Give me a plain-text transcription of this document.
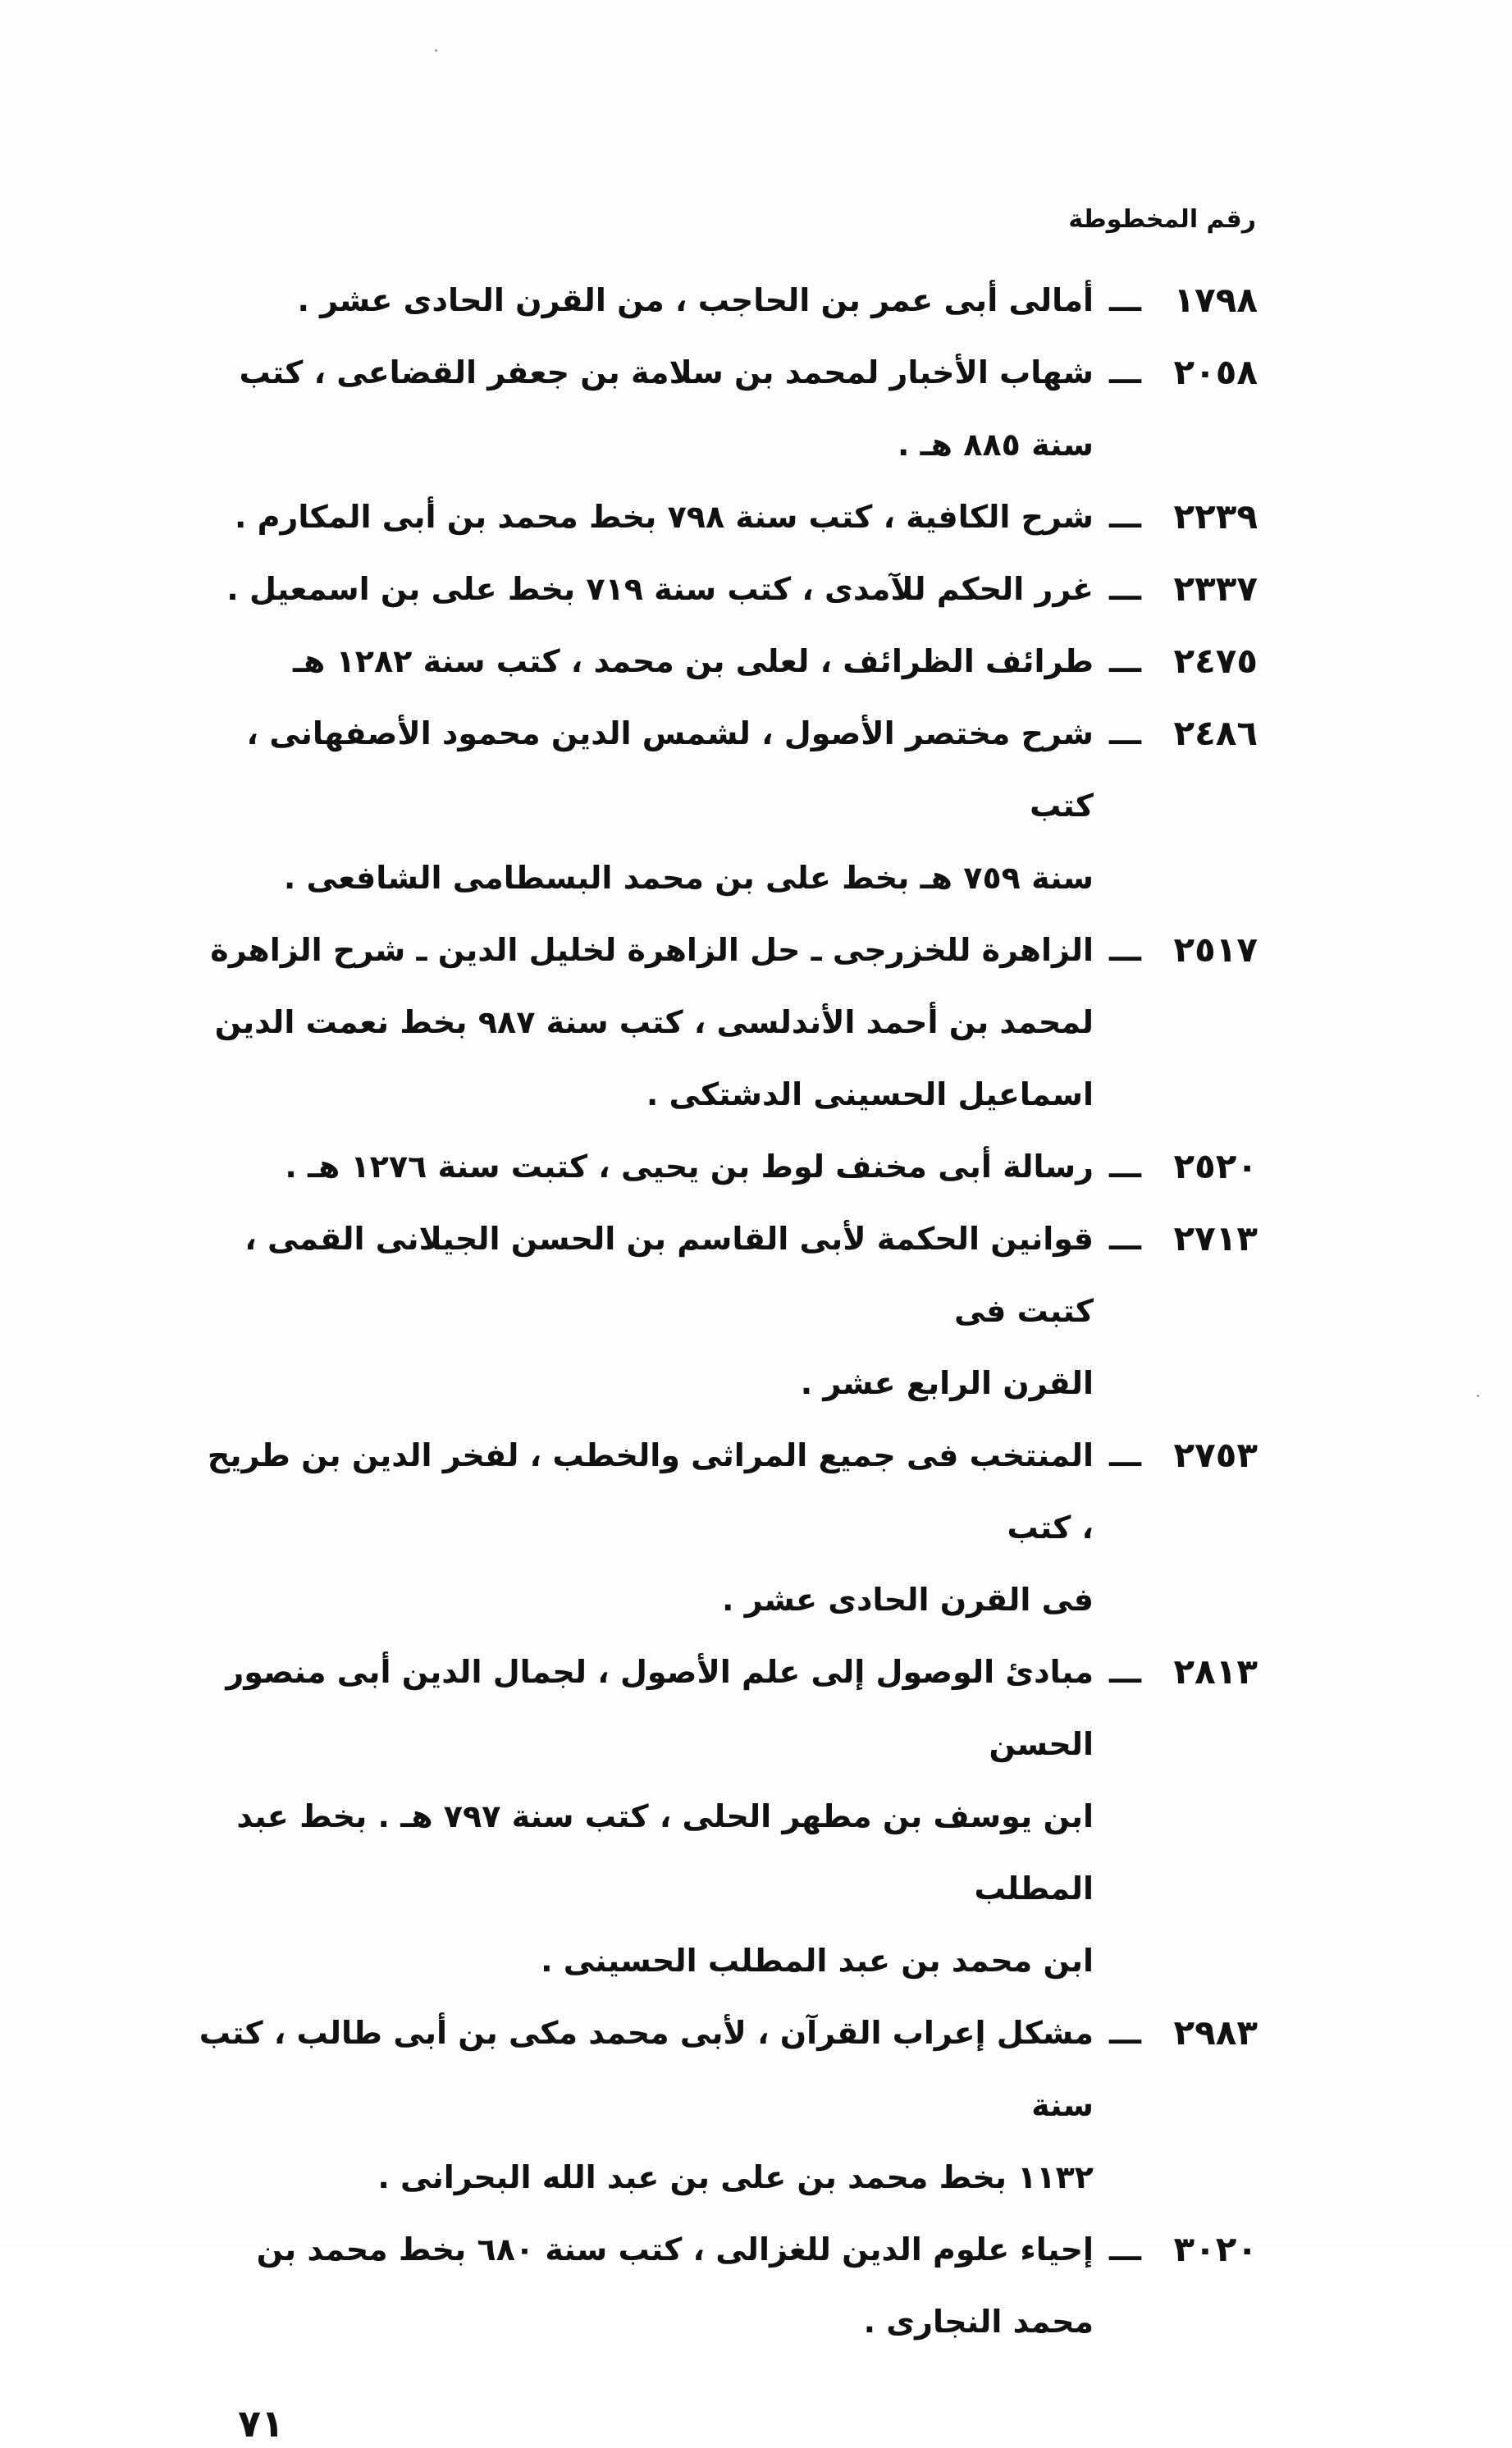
رقم المخطوطة
١٧٩٨
ـــ
أمالى أبى عمر بن الحاجب ، من القرن الحادى عشر .
٢٠٥٨
ـــ
شهاب الأخبار لمحمد بن سلامة بن جعفر القضاعى ، كتب
سنة ٨٨٥ هـ .
٢٢٣٩
ـــ
شرح الكافية ، كتب سنة ٧٩٨ بخط محمد بن أبى المكارم .
٢٣٣٧
ـــ
غرر الحكم للآمدى ، كتب سنة ٧١٩ بخط على بن اسمعيل .
٢٤٧٥
ـــ
طرائف الظرائف ، لعلى بن محمد ، كتب سنة ١٢٨٢ هـ
٢٤٨٦
ـــ
شرح مختصر الأصول ، لشمس الدين محمود الأصفهانى ، كتب
سنة ٧٥٩ هـ بخط على بن محمد البسطامى الشافعى .
٢٥١٧
ـــ
الزاهرة للخزرجى ـ حل الزاهرة لخليل الدين ـ شرح الزاهرة
لمحمد بن أحمد الأندلسى ، كتب سنة ٩٨٧ بخط نعمت الدين
اسماعيل الحسينى الدشتكى .
٢٥٢٠
ـــ
رسالة أبى مخنف لوط بن يحيى ، كتبت سنة ١٢٧٦ هـ .
٢٧١٣
ـــ
قوانين الحكمة لأبى القاسم بن الحسن الجيلانى القمى ، كتبت فى
القرن الرابع عشر .
٢٧٥٣
ـــ
المنتخب فى جميع المراثى والخطب ، لفخر الدين بن طريح ، كتب
فى القرن الحادى عشر .
٢٨١٣
ـــ
مبادئ الوصول إلى علم الأصول ، لجمال الدين أبى منصور الحسن
ابن يوسف بن مطهر الحلى ، كتب سنة ٧٩٧ هـ . بخط عبد المطلب
ابن محمد بن عبد المطلب الحسينى .
٢٩٨٣
ـــ
مشكل إعراب القرآن ، لأبى محمد مكى بن أبى طالب ، كتب سنة
١١٣٢ بخط محمد بن على بن عبد الله البحرانى .
٣٠٢٠
ـــ
إحياء علوم الدين للغزالى ، كتب سنة ٦٨٠ بخط محمد بن
محمد النجارى .
٧١
